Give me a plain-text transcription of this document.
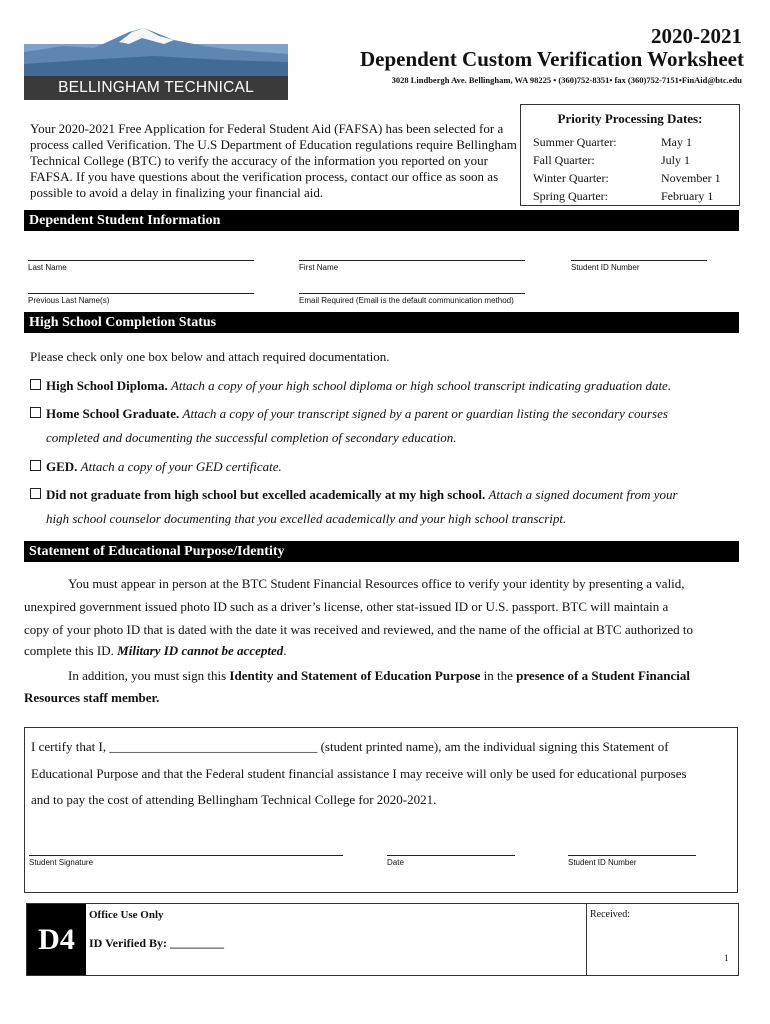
BELLINGHAM TECHNICAL COLLEGE
2020-2021
Dependent Custom Verification Worksheet
3028 Lindbergh Ave. Bellingham, WA 98225 • (360)752-8351• fax (360)752-7151•FinAid@btc.edu
Your 2020-2021 Free Application for Federal Student Aid (FAFSA) has been selected for a process called Verification. The U.S Department of Education regulations require Bellingham Technical College (BTC) to verify the accuracy of the information you reported on your FAFSA. If you have questions about the verification process, contact our office as soon as possible to avoid a delay in finalizing your financial aid.
Priority Processing Dates:
Summer Quarter:	May 1
Fall Quarter:	July 1
Winter Quarter:	November 1
Spring Quarter:	February 1
Dependent Student Information
Last Name	First Name	Student ID Number
Previous Last Name(s)	Email Required (Email is the default communication method)
High School Completion Status
Please check only one box below and attach required documentation.
High School Diploma. Attach a copy of your high school diploma or high school transcript indicating graduation date.
Home School Graduate. Attach a copy of your transcript signed by a parent or guardian listing the secondary courses
completed and documenting the successful completion of secondary education.
GED. Attach a copy of your GED certificate.
Did not graduate from high school but excelled academically at my high school. Attach a signed document from your
high school counselor documenting that you excelled academically and your high school transcript.
Statement of Educational Purpose/Identity
You must appear in person at the BTC Student Financial Resources office to verify your identity by presenting a valid,
unexpired government issued photo ID such as a driver’s license, other stat-issued ID or U.S. passport. BTC will maintain a
copy of your photo ID that is dated with the date it was received and reviewed, and the name of the official at BTC authorized to
complete this ID. Military ID cannot be accepted.
In addition, you must sign this Identity and Statement of Education Purpose in the presence of a Student Financial
Resources staff member.
I certify that I, ________________________________ (student printed name), am the individual signing this Statement of
Educational Purpose and that the Federal student financial assistance I may receive will only be used for educational purposes
and to pay the cost of attending Bellingham Technical College for 2020-2021.
Student Signature	Date	Student ID Number
D4
Office Use Only
ID Verified By: _________
Received:
1
